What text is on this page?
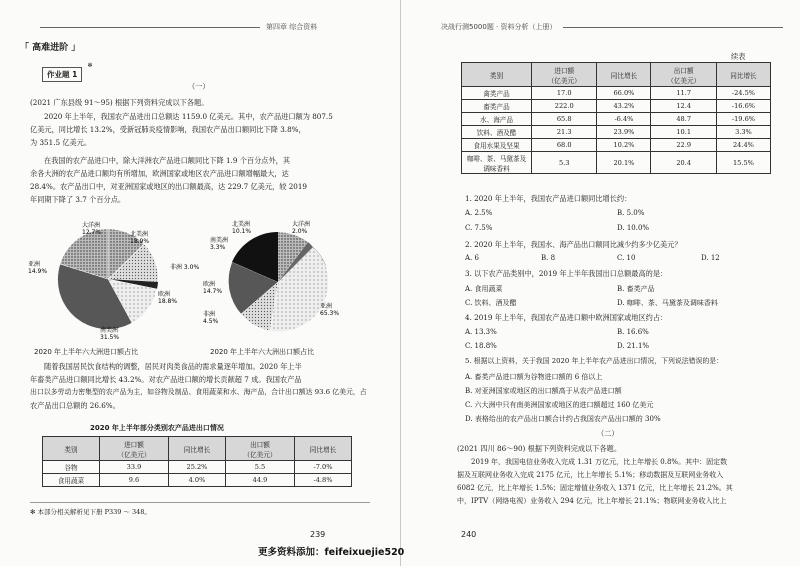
第四章 综合资料
「 高难进阶 」
作业题 1 ✻
（一）
(2021 广东县级 91～95) 根据下列资料完成以下各题。
2020 年上半年，我国农产品进出口总额达 1159.0 亿美元。其中，农产品进口额为 807.5
亿美元，同比增长 13.2%，受新冠肺炎疫情影响，我国农产品出口额同比下降 3.8%，
为 351.5 亿美元。
在我国的农产品进口中，除大洋洲农产品进口额同比下降 1.9 个百分点外，其
余各大洲的农产品进口额均有所增加，欧洲国家或地区农产品进口额增幅最大，达
28.4%。农产品出口中，对亚洲国家或地区的出口额最高，达 229.7 亿美元，较 2019
年同期下降了 3.7 个百分点。
大洋洲 12.7%	北美洲 18.9%
非洲 3.0%
欧洲 18.8%
南美洲 31.5%
亚洲 14.9%
北美洲 10.1%
大洋洲 2.0%
南美洲 3.3%
欧洲 14.7%
非洲 4.5%
亚洲 65.3%
2020 年上半年六大洲进口额占比	2020 年上半年六大洲出口额占比
随着我国居民饮食结构的调整，居民对肉类食品的需求量逐年增加。2020 年上半
年畜类产品进口额同比增长 43.2%。对农产品进口额的增长贡献超 7 成。我国农产品
出口以多劳动力密集型的农产品为主，如谷物及制品、食用蔬菜和水、海产品，合计出口额达 93.6 亿美元，占
农产品出口总额的 26.6%。
2020 年上半年部分类别农产品进出口情况
类别	进口额
（亿美元）	同比增长	出口额
（亿美元）	同比增长
谷物	33.9	25.2%	5.5	-7.0%
食用蔬菜	9.6	4.0%	44.9	-4.8%
✻ 本部分相关解析见下册 P339 ～ 348。
239
决战行测5000题 · 资料分析（上册）
续表
类别	进口额
（亿美元）	同比增长	出口额
（亿美元）	同比增长
禽类产品	17.0	66.0%	11.7	-24.5%
畜类产品	222.0	43.2%	12.4	-16.6%
水、海产品	65.8	-6.4%	48.7	-19.6%
饮料、酒及醋	21.3	23.9%	10.1	3.3%
食用水果及坚果	68.0	10.2%	22.9	24.4%
咖啡、茶、马黛茶及调味香料	5.3	20.1%	20.4	15.5%
1. 2020 年上半年，我国农产品进口额同比增长约：
A. 2.5%	B. 5.0%
C. 7.5%	D. 10.0%
2. 2020 年上半年，我国水、海产品出口额同比减少约多少亿美元？
A. 6	B. 8	C. 10	D. 12
3. 以下农产品类别中，2019 年上半年我国出口总额最高的是：
A. 食用蔬菜	B. 畜类产品
C. 饮料、酒及醋	D. 咖啡、茶、马黛茶及调味香料
4. 2019 年上半年，我国农产品进口额中欧洲国家或地区约占：
A. 13.3%	B. 16.6%
C. 18.8%	D. 21.1%
5. 根据以上资料，关于我国 2020 年上半年农产品进出口情况，下列说法错误的是：
A. 畜类产品进口额为谷物进口额的 6 倍以上
B. 对亚洲国家或地区的出口额高于从农产品进口额
C. 六大洲中只有南美洲国家或地区的进口额超过 160 亿美元
D. 表格给出的农产品出口额合计约占我国农产品出口额的 30%
（二）
(2021 四川 86～90) 根据下列资料完成以下各题。
2019 年，我国电信业务收入完成 1.31 万亿元，比上年增长 0.8%。其中：固定数
据及互联网业务收入完成 2175 亿元，比上年增长 5.1%；移动数据及互联网业务收入
6082 亿元，比上年增长 1.5%；固定增值业务收入 1371 亿元，比上年增长 21.2%。其
中，IPTV（网络电视）业务收入 294 亿元，比上年增长 21.1%；物联网业务收入比上
240
更多资料添加：feifeixuejie520
